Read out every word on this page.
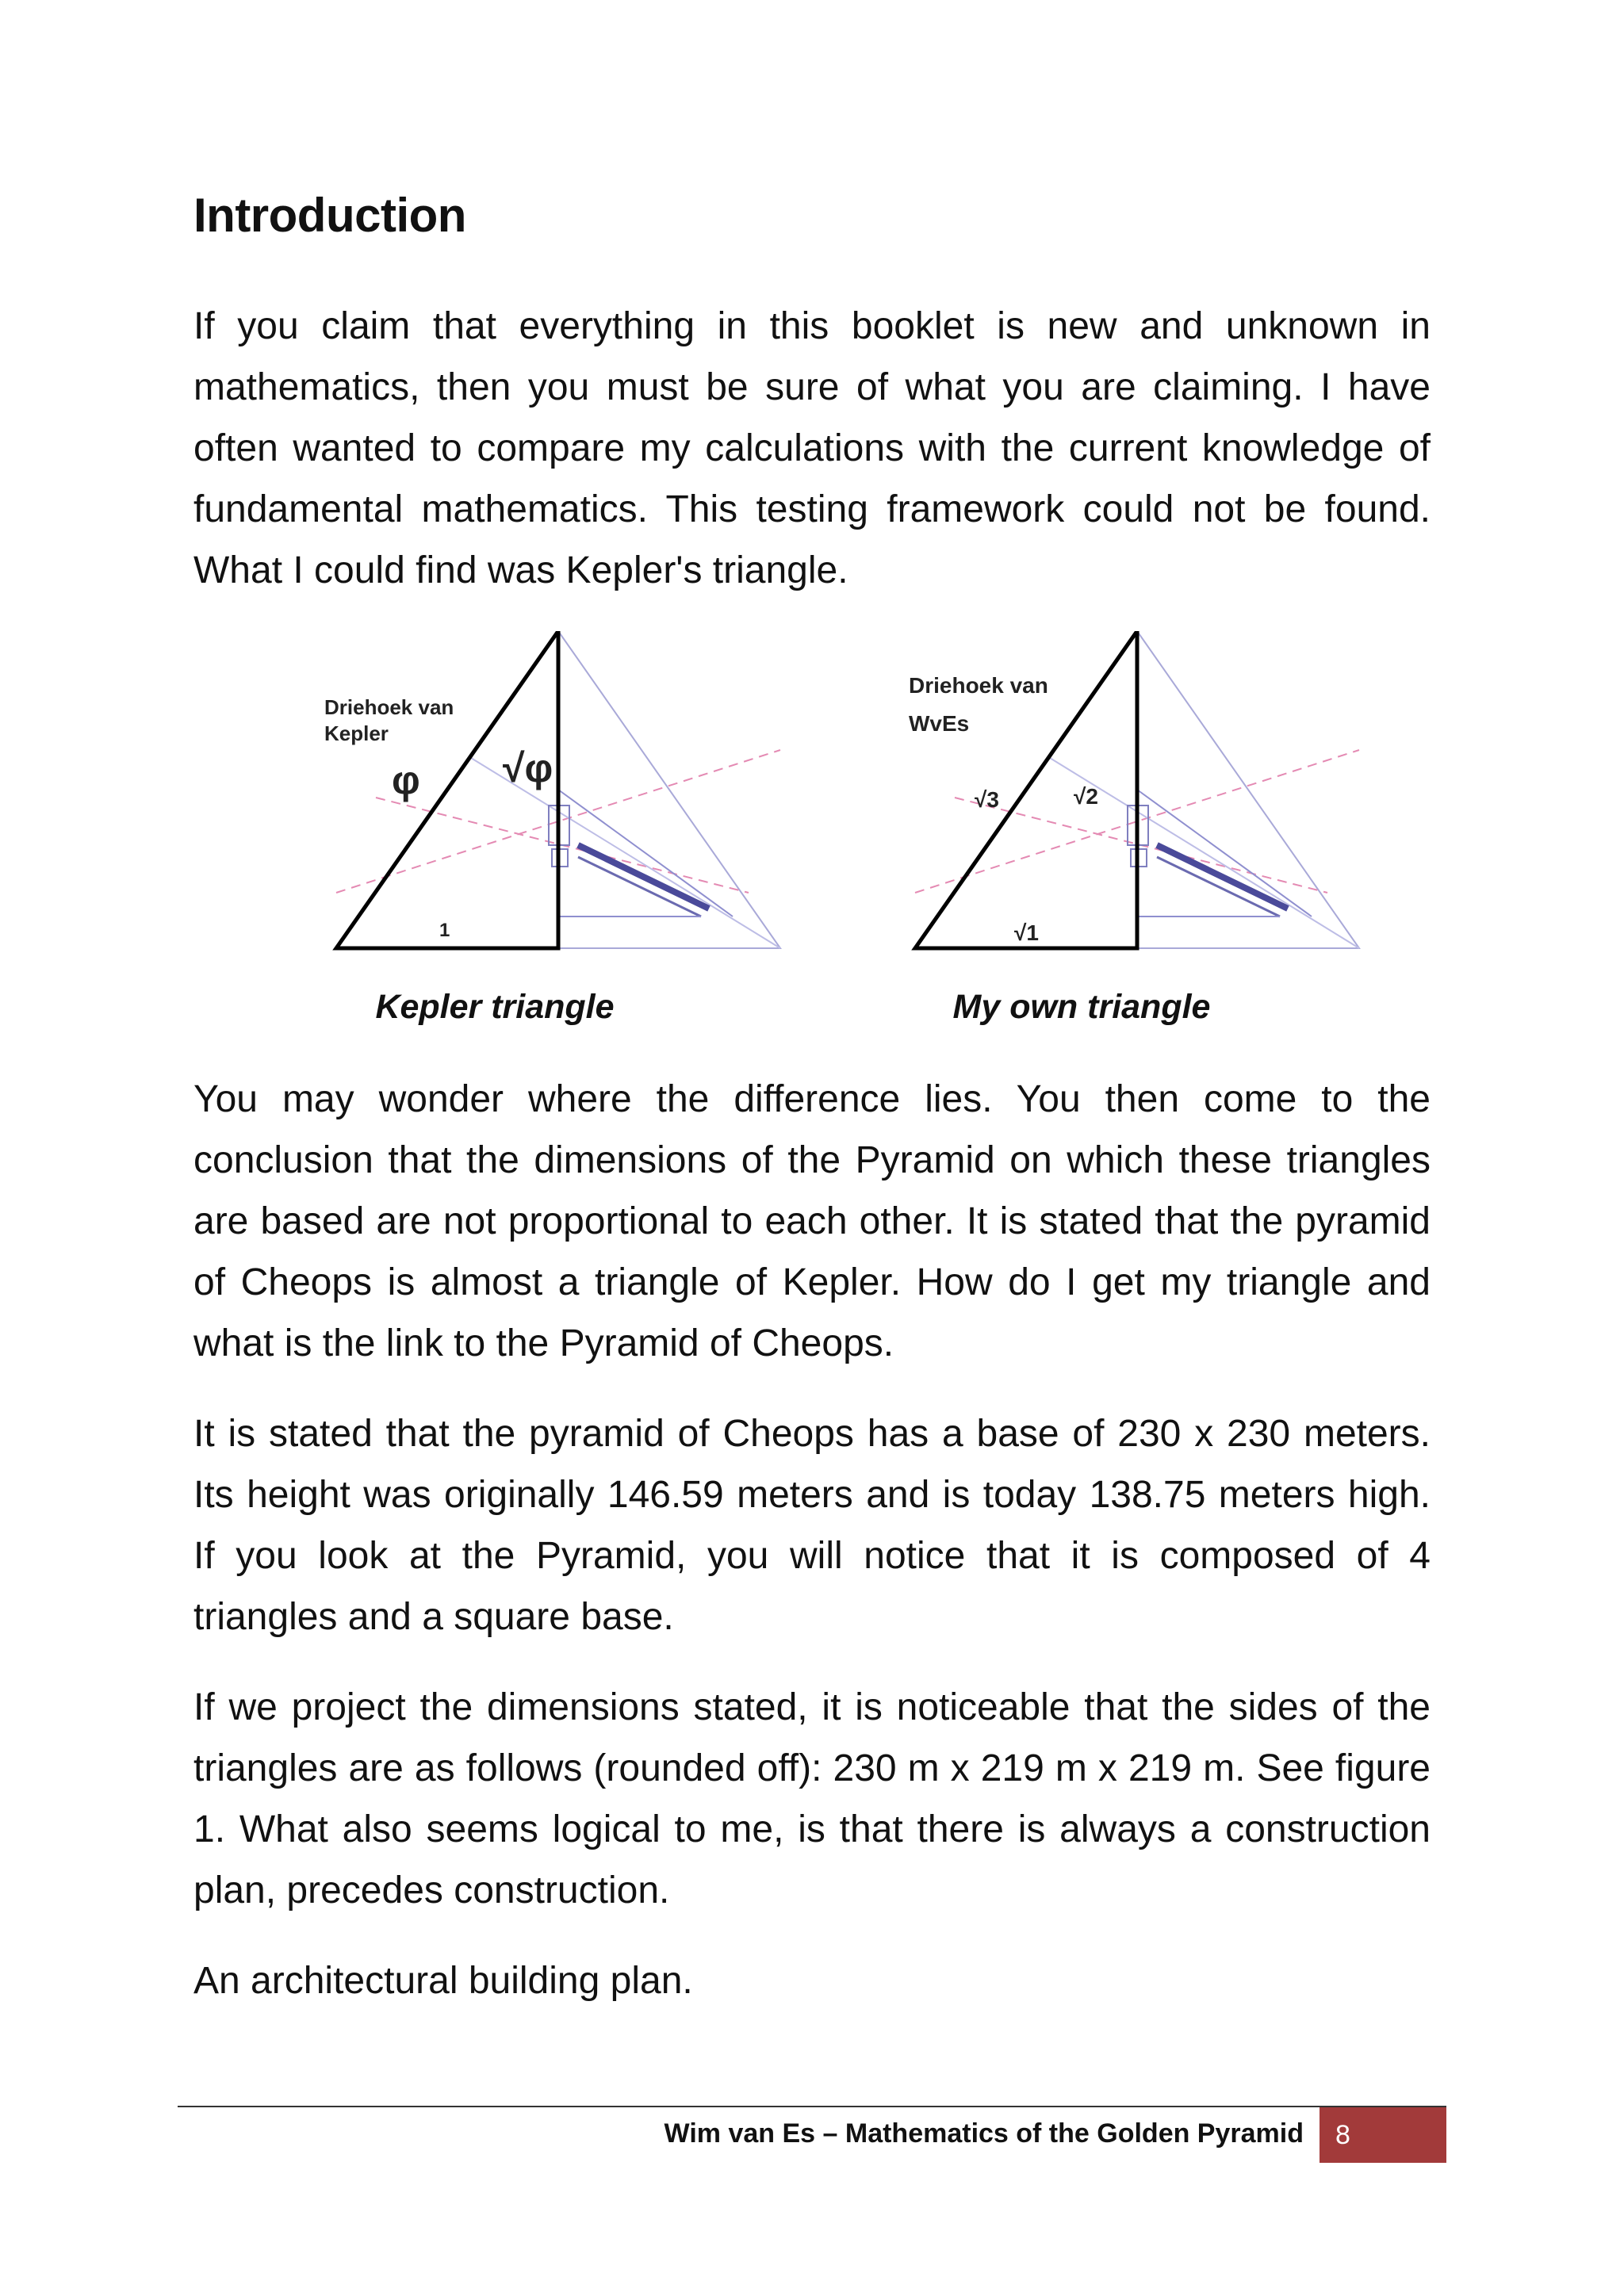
Introduction

If you claim that everything in this booklet is new and unknown in mathematics, then you must be sure of what you are claiming. I have often wanted to compare my calculations with the current knowledge of fundamental mathematics. This testing framework could not be found. What I could find was Kepler's triangle.

Driehoek van
Kepler
φ √φ
1
Driehoek van
WvEs
√3	√2
√1
Kepler triangle	My own triangle

You may wonder where the difference lies. You then come to the conclusion that the dimensions of the Pyramid on which these triangles are based are not proportional to each other. It is stated that the pyramid of Cheops is almost a triangle of Kepler. How do I get my triangle and what is the link to the Pyramid of Cheops.

It is stated that the pyramid of Cheops has a base of 230 x 230 meters. Its height was originally 146.59 meters and is today 138.75 meters high. If you look at the Pyramid, you will notice that it is composed of 4 triangles and a square base.

If we project the dimensions stated, it is noticeable that the sides of the triangles are as follows (rounded off): 230 m x 219 m x 219 m. See figure 1. What also seems logical to me, is that there is always a construction plan, precedes construction.

An architectural building plan.

Wim van Es – Mathematics of the Golden Pyramid	8
